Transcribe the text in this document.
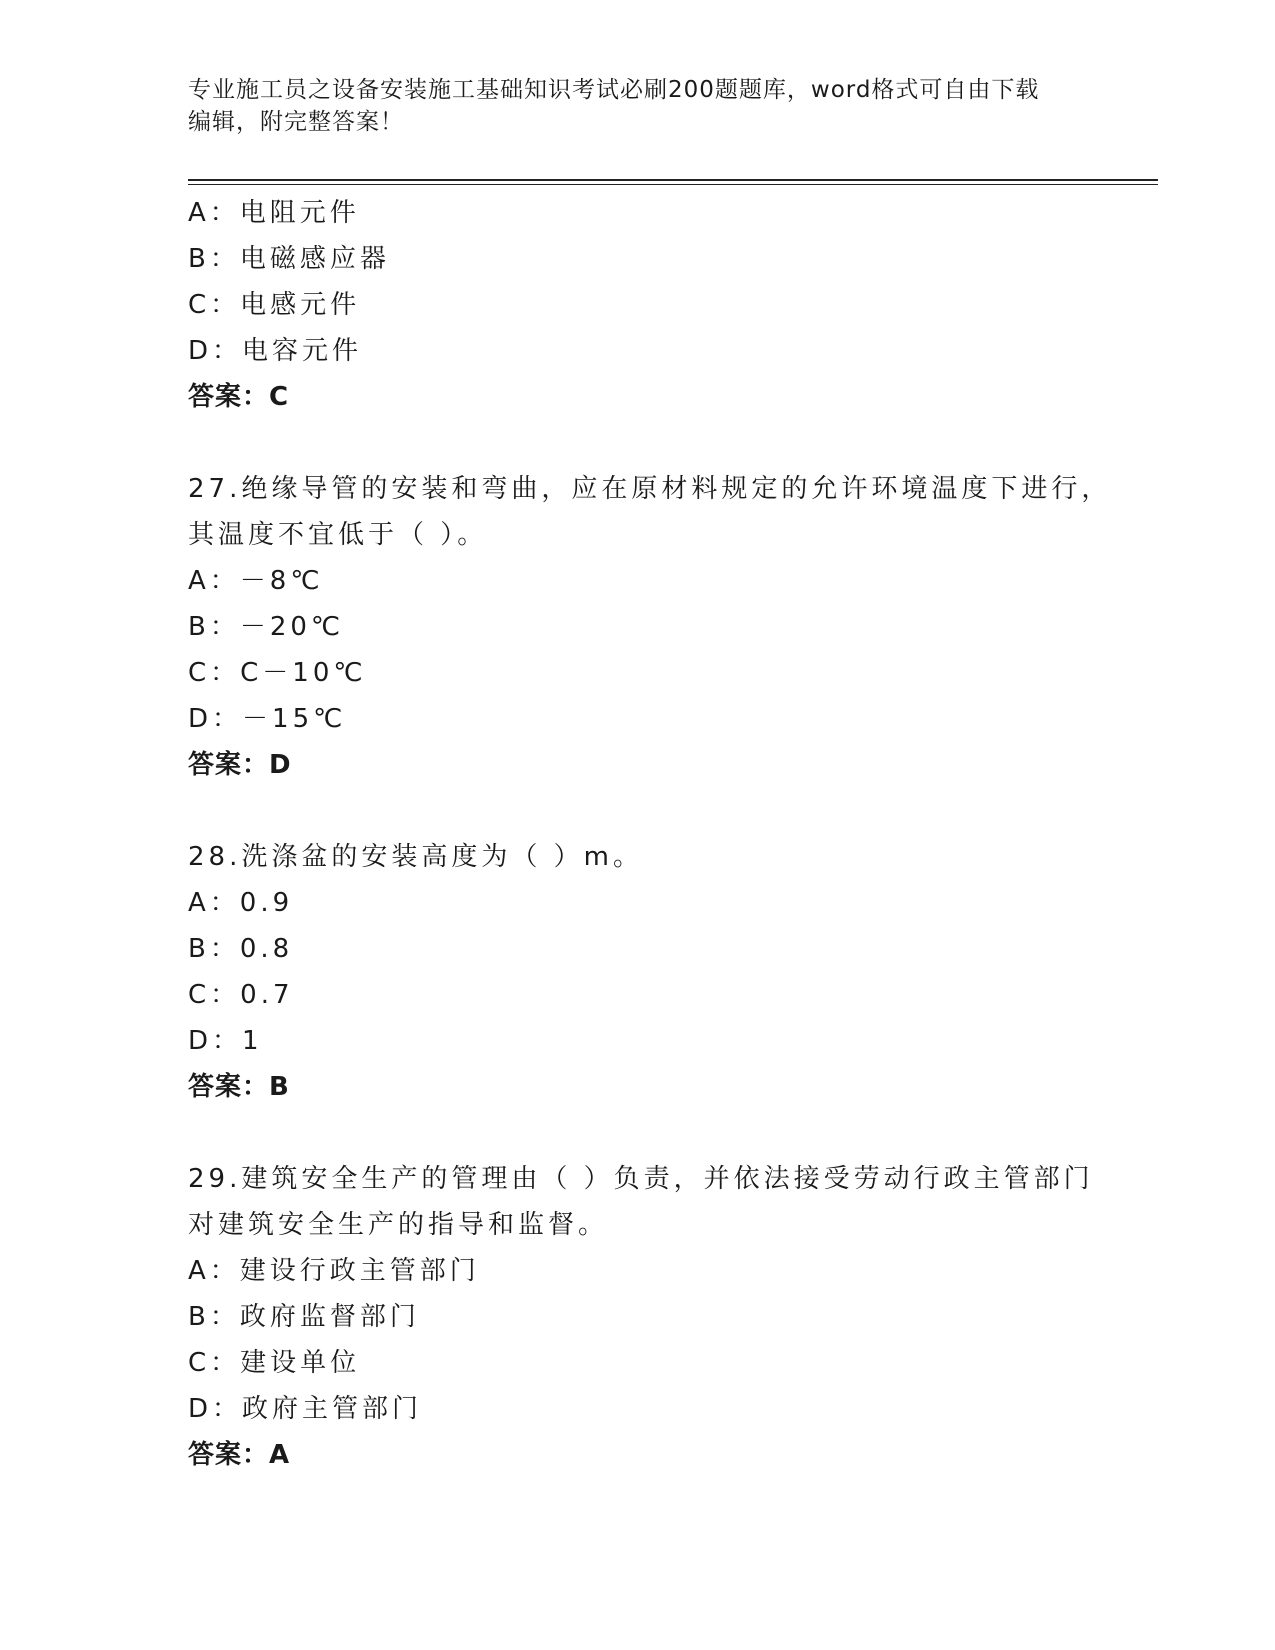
专业施工员之设备安装施工基础知识考试必刷200题题库，word格式可自由下载
编辑，附完整答案！
A：电阻元件
B：电磁感应器
C：电感元件
D：电容元件
答案：C
27.绝缘导管的安装和弯曲，应在原材料规定的允许环境温度下进行，
其温度不宜低于（ ）。
A：－8℃
B：－20℃
C：C－10℃
D：－15℃
答案：D
28.洗涤盆的安装高度为（ ）m。
A：0.9
B：0.8
C：0.7
D：1
答案：B
29.建筑安全生产的管理由（ ）负责，并依法接受劳动行政主管部门
对建筑安全生产的指导和监督。
A：建设行政主管部门
B：政府监督部门
C：建设单位
D：政府主管部门
答案：A
